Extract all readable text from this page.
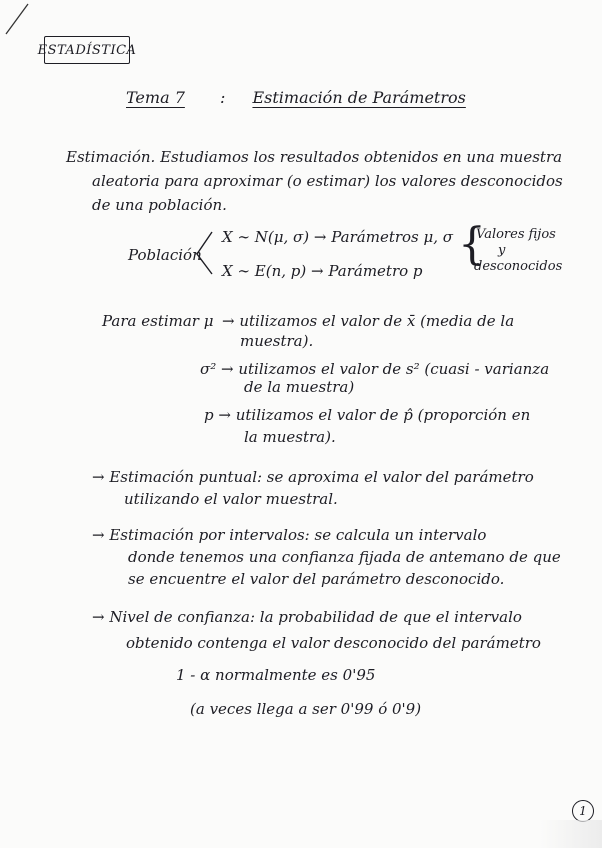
ESTADÍSTICA
Tema 7 : Estimación de Parámetros
Estimación. Estudiamos los resultados obtenidos en una muestra
aleatoria para aproximar (o estimar) los valores desconocidos
de una población.
Población
X ∼ N(μ, σ) → Parámetros μ, σ
X ∼ E(n, p) → Parámetro p
{
Valores fijos
y
desconocidos
Para estimar μ → utilizamos el valor de x̄ (media de la
muestra).
σ² → utilizamos el valor de s² (cuasi - varianza
de la muestra)
p → utilizamos el valor de p̂ (proporción en
la muestra).
→ Estimación puntual: se aproxima el valor del parámetro
utilizando el valor muestral.
→ Estimación por intervalos: se calcula un intervalo
donde tenemos una confianza fijada de antemano de que
se encuentre el valor del parámetro desconocido.
→ Nivel de confianza: la probabilidad de que el intervalo
obtenido contenga el valor desconocido del parámetro
1 - α normalmente es 0'95
(a veces llega a ser 0'99 ó 0'9)
1
